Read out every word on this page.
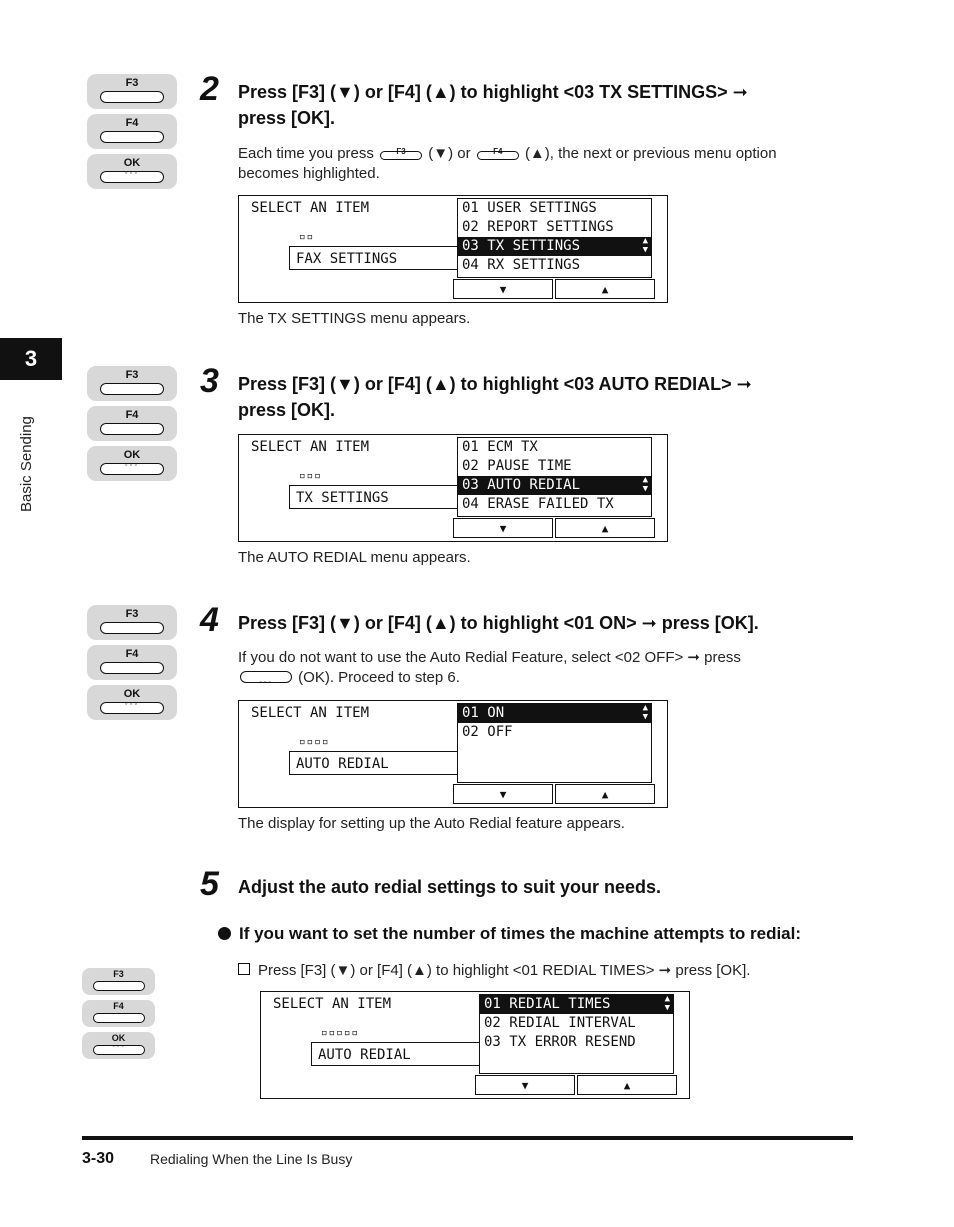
3
Basic Sending
F3
F4
OK
◦◦◦
2 Press [F3] (▼) or [F4] (▲) to highlight <03 TX SETTINGS> ➞
press [OK].
Each time you press	F3	(▼) or	F4	(▲), the next or previous menu option
becomes highlighted.
SELECT AN ITEM
▫▫
FAX SETTINGS
01 USER SETTINGS
02 REPORT SETTINGS
03 TX SETTINGS	▲
▼
04 RX SETTINGS
▼	▲
The TX SETTINGS menu appears.
F3
F4
OK
◦◦◦
3 Press [F3] (▼) or [F4] (▲) to highlight <03 AUTO REDIAL> ➞
press [OK].
SELECT AN ITEM
▫▫▫
TX SETTINGS
01 ECM TX
02 PAUSE TIME
03 AUTO REDIAL	▲
▼
04 ERASE FAILED TX
▼	▲
The AUTO REDIAL menu appears.
F3
F4
OK
◦◦◦
4 Press [F3] (▼) or [F4] (▲) to highlight <01 ON> ➞ press [OK].
If you do not want to use the Auto Redial Feature, select <02 OFF> ➞ press

◦◦◦	(OK). Proceed to step 6.
SELECT AN ITEM
▫▫▫▫
AUTO REDIAL
01 ON	▲
▼
02 OFF
▼	▲
The display for setting up the Auto Redial feature appears.
5 Adjust the auto redial settings to suit your needs.
If you want to set the number of times the machine attempts to redial:
Press [F3] (▼) or [F4] (▲) to highlight <01 REDIAL TIMES> ➞ press [OK].
F3
F4
OK
◦◦◦
SELECT AN ITEM
▫▫▫▫▫
AUTO REDIAL
01 REDIAL TIMES	▲
▼
02 REDIAL INTERVAL
03 TX ERROR RESEND
▼	▲
3-30	Redialing When the Line Is Busy
